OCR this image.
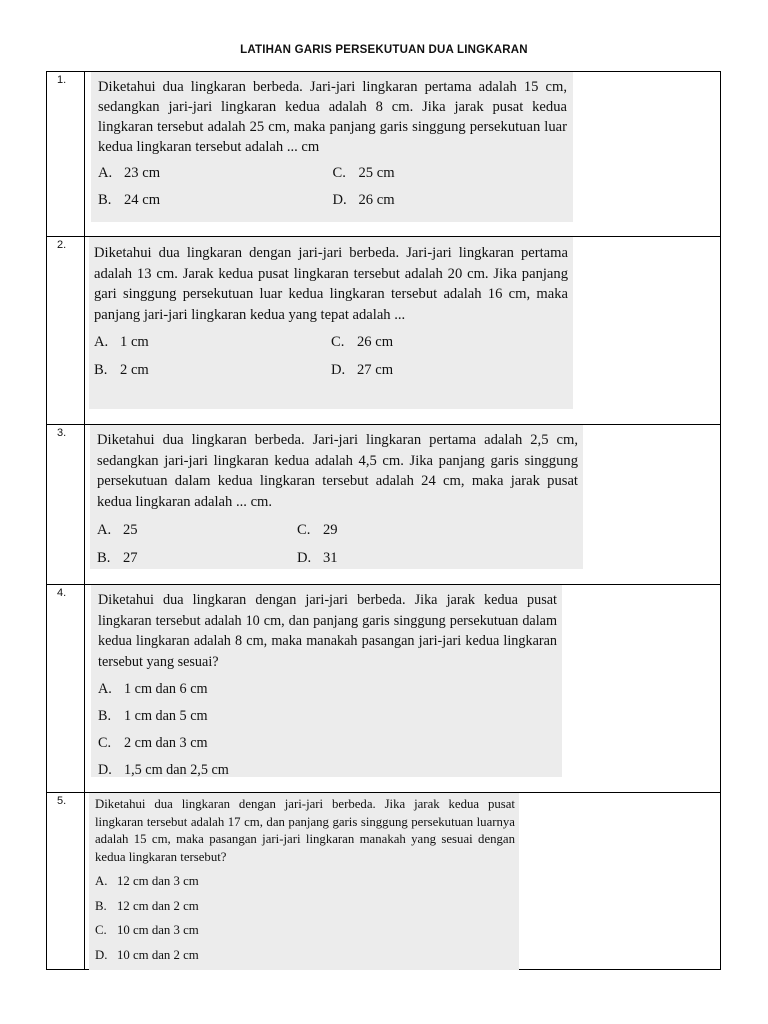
LATIHAN GARIS PERSEKUTUAN DUA LINGKARAN
1.	Diketahui dua lingkaran berbeda. Jari-jari lingkaran pertama adalah 15 cm, sedangkan jari-jari lingkaran kedua adalah 8 cm. Jika jarak pusat kedua lingkaran tersebut adalah 25 cm, maka panjang garis singgung persekutuan luar kedua lingkaran tersebut adalah ... cm

A. 23 cm	C. 25 cm
B. 24 cm	D. 26 cm
2.	Diketahui dua lingkaran dengan jari-jari berbeda. Jari-jari lingkaran pertama adalah 13 cm. Jarak kedua pusat lingkaran tersebut adalah 20 cm. Jika panjang gari singgung persekutuan luar kedua lingkaran tersebut adalah 16 cm, maka panjang jari-jari lingkaran kedua yang tepat adalah ...

A. 1 cm	C. 26 cm
B. 2 cm	D. 27 cm
3.	Diketahui dua lingkaran berbeda. Jari-jari lingkaran pertama adalah 2,5 cm, sedangkan jari-jari lingkaran kedua adalah 4,5 cm. Jika panjang garis singgung persekutuan dalam kedua lingkaran tersebut adalah 24 cm, maka jarak pusat kedua lingkaran adalah ... cm.

A. 25	C. 29
B. 27	D. 31
4.	Diketahui dua lingkaran dengan jari-jari berbeda. Jika jarak kedua pusat lingkaran tersebut adalah 10 cm, dan panjang garis singgung persekutuan dalam kedua lingkaran adalah 8 cm, maka manakah pasangan jari-jari kedua lingkaran tersebut yang sesuai?

A. 1 cm dan 6 cm
B. 1 cm dan 5 cm
C. 2 cm dan 3 cm
D. 1,5 cm dan 2,5 cm
5.	Diketahui dua lingkaran dengan jari-jari berbeda. Jika jarak kedua pusat lingkaran tersebut adalah 17 cm, dan panjang garis singgung persekutuan luarnya adalah 15 cm, maka pasangan jari-jari lingkaran manakah yang sesuai dengan kedua lingkaran tersebut?

A. 12 cm dan 3 cm
B. 12 cm dan 2 cm
C. 10 cm dan 3 cm
D. 10 cm dan 2 cm
